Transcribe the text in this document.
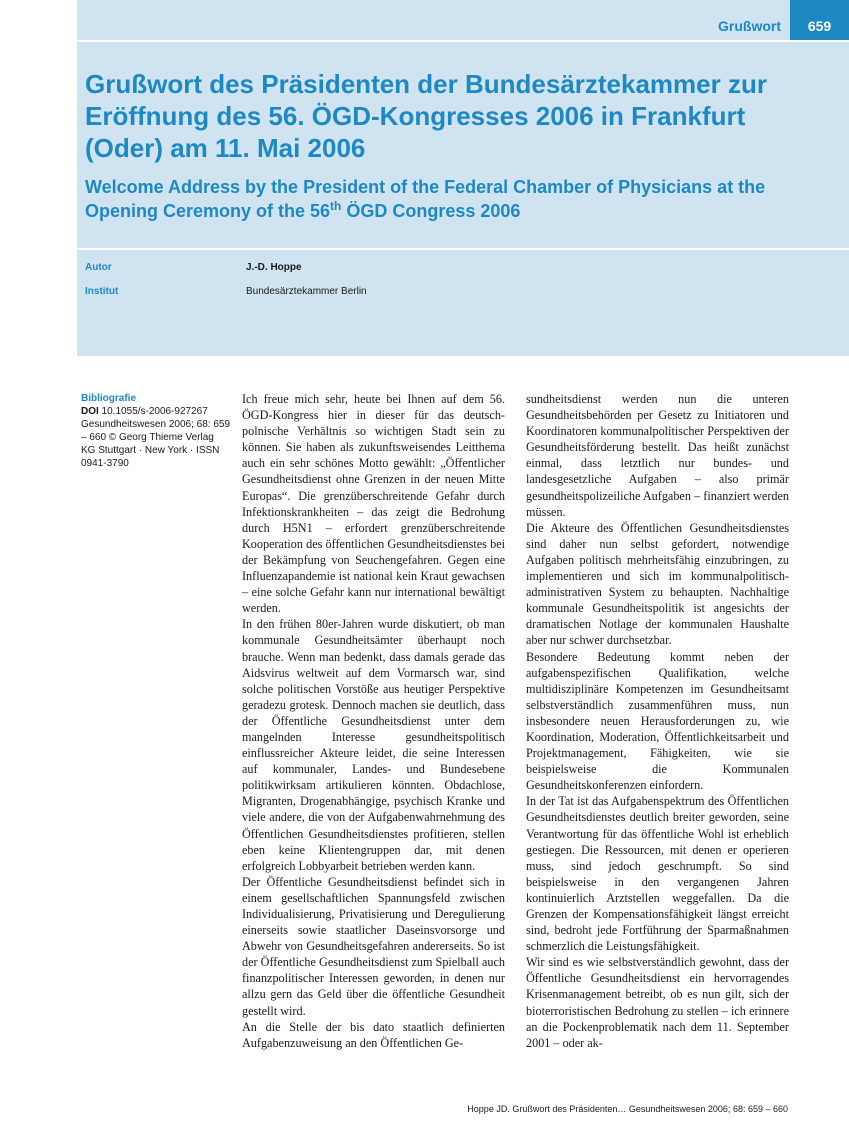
Grußwort	659
Grußwort des Präsidenten der Bundesärztekammer zur Eröffnung des 56. ÖGD-Kongresses 2006 in Frankfurt (Oder) am 11. Mai 2006
Welcome Address by the President of the Federal Chamber of Physicians at the Opening Ceremony of the 56th ÖGD Congress 2006
Autor	J.-D. Hoppe
Institut	Bundesärztekammer Berlin
Bibliografie
DOI 10.1055/s-2006-927267
Gesundheitswesen 2006; 68: 659 – 660 © Georg Thieme Verlag KG Stuttgart · New York · ISSN 0941-3790

Ich freue mich sehr, heute bei Ihnen auf dem 56. ÖGD-Kongress hier in dieser für das deutsch-polnische Verhältnis so wichtigen Stadt sein zu können. Sie haben als zukunftsweisendes Leitthema auch ein sehr schönes Motto gewählt: „Öffentlicher Gesundheitsdienst ohne Grenzen in der neuen Mitte Europas“. Die grenzüberschreitende Gefahr durch Infektionskrankheiten – das zeigt die Bedrohung durch H5N1 – erfordert grenzüberschreitende Kooperation des öffentlichen Gesundheitsdienstes bei der Bekämpfung von Seuchengefahren. Gegen eine Influenzapandemie ist national kein Kraut gewachsen – eine solche Gefahr kann nur international bewältigt werden.

In den frühen 80er-Jahren wurde diskutiert, ob man kommunale Gesundheitsämter überhaupt noch brauche. Wenn man bedenkt, dass damals gerade das Aidsvirus weltweit auf dem Vormarsch war, sind solche politischen Vorstöße aus heutiger Perspektive geradezu grotesk. Dennoch machen sie deutlich, dass der Öffentliche Gesundheitsdienst unter dem mangelnden Interesse gesundheitspolitisch einflussreicher Akteure leidet, die seine Interessen auf kommunaler, Landes- und Bundesebene politikwirksam artikulieren könnten. Obdachlose, Migranten, Drogenabhängige, psychisch Kranke und viele andere, die von der Aufgabenwahrnehmung des Öffentlichen Gesundheitsdienstes profitieren, stellen eben keine Klientengruppen dar, mit denen erfolgreich Lobbyarbeit betrieben werden kann.

Der Öffentliche Gesundheitsdienst befindet sich in einem gesellschaftlichen Spannungsfeld zwischen Individualisierung, Privatisierung und Deregulierung einerseits sowie staatlicher Daseinsvorsorge und Abwehr von Gesundheitsgefahren andererseits. So ist der Öffentliche Gesundheitsdienst zum Spielball auch finanzpolitischer Interessen geworden, in denen nur allzu gern das Geld über die öffentliche Gesundheit gestellt wird.

An die Stelle der bis dato staatlich definierten Aufgabenzuweisung an den Öffentlichen Ge-

sundheitsdienst werden nun die unteren Gesundheitsbehörden per Gesetz zu Initiatoren und Koordinatoren kommunalpolitischer Perspektiven der Gesundheitsförderung bestellt. Das heißt zunächst einmal, dass letztlich nur bundes- und landesgesetzliche Aufgaben – also primär gesundheitspolizeiliche Aufgaben – finanziert werden müssen.

Die Akteure des Öffentlichen Gesundheitsdienstes sind daher nun selbst gefordert, notwendige Aufgaben politisch mehrheitsfähig einzubringen, zu implementieren und sich im kommunalpolitisch-administrativen System zu behaupten. Nachhaltige kommunale Gesundheitspolitik ist angesichts der dramatischen Notlage der kommunalen Haushalte aber nur schwer durchsetzbar.

Besondere Bedeutung kommt neben der aufgabenspezifischen Qualifikation, welche multidisziplinäre Kompetenzen im Gesundheitsamt selbstverständlich zusammenführen muss, nun insbesondere neuen Herausforderungen zu, wie Koordination, Moderation, Öffentlichkeitsarbeit und Projektmanagement, Fähigkeiten, wie sie beispielsweise die Kommunalen Gesundheitskonferenzen einfordern.

In der Tat ist das Aufgabenspektrum des Öffentlichen Gesundheitsdienstes deutlich breiter geworden, seine Verantwortung für das öffentliche Wohl ist erheblich gestiegen. Die Ressourcen, mit denen er operieren muss, sind jedoch geschrumpft. So sind beispielsweise in den vergangenen Jahren kontinuierlich Arztstellen weggefallen. Da die Grenzen der Kompensationsfähigkeit längst erreicht sind, bedroht jede Fortführung der Sparmaßnahmen schmerzlich die Leistungsfähigkeit.

Wir sind es wie selbstverständlich gewohnt, dass der Öffentliche Gesundheitsdienst ein hervorragendes Krisenmanagement betreibt, ob es nun gilt, sich der bioterroristischen Bedrohung zu stellen – ich erinnere an die Pockenproblematik nach dem 11. September 2001 – oder ak-

Hoppe JD. Grußwort des Präsidenten… Gesundheitswesen 2006; 68: 659 – 660
